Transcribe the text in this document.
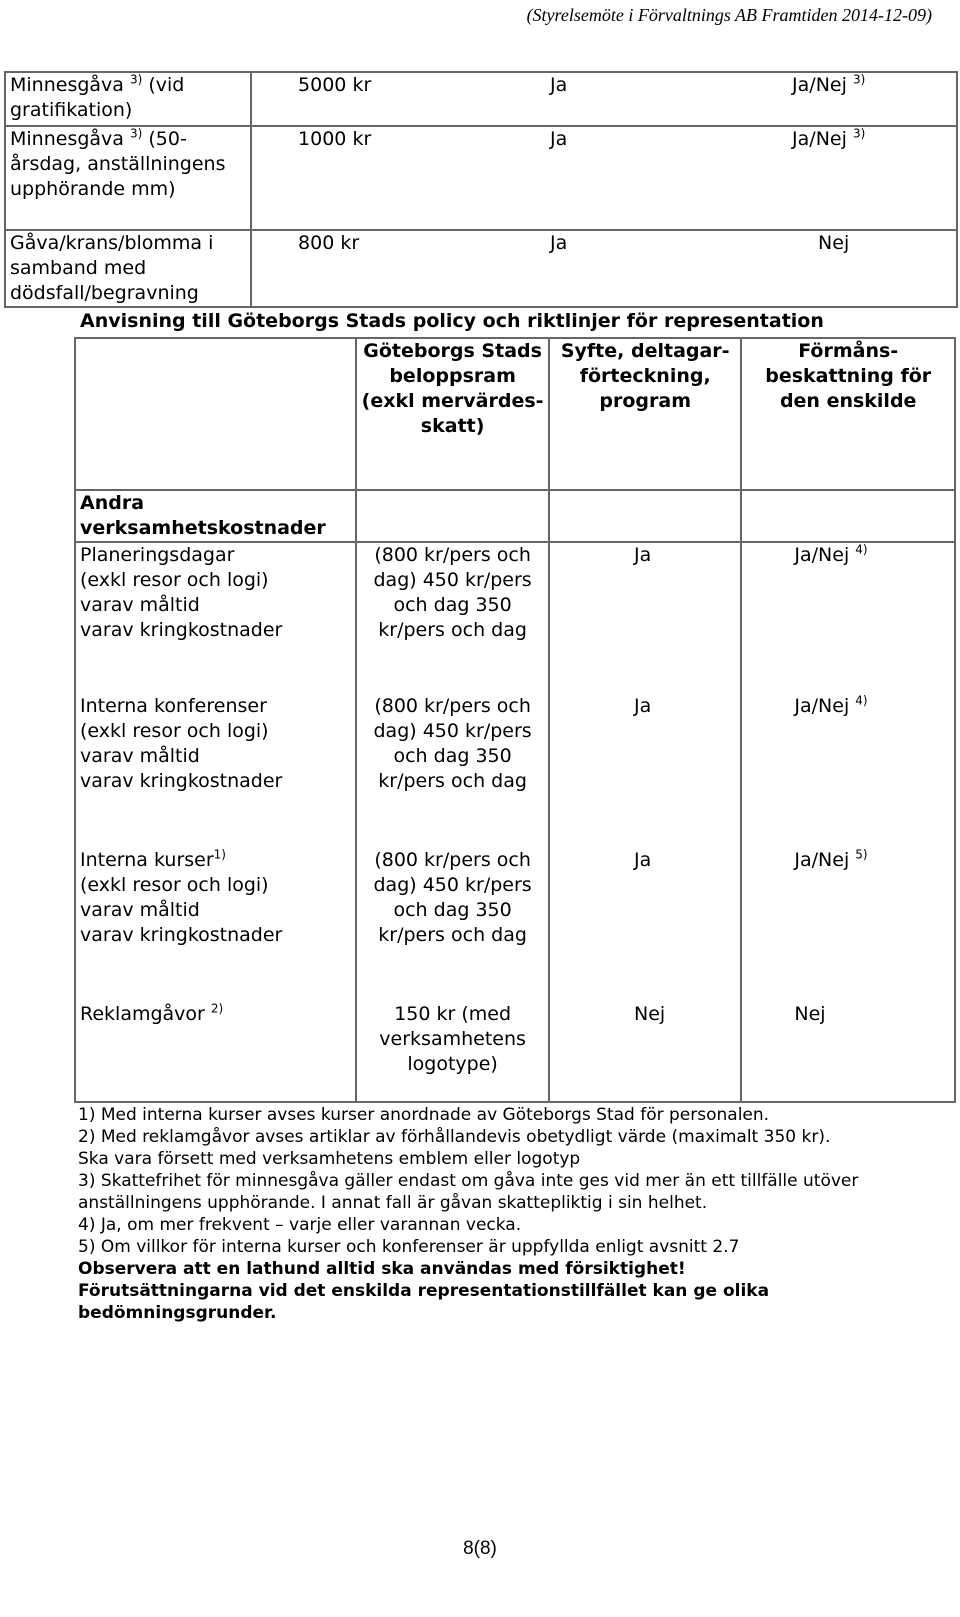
(Styrelsemöte i Förvaltnings AB Framtiden 2014-12-09)
Minnesgåva $^{3)}$ (vid gratifikation)	5000 kr Ja Ja/Nej $^{3)}$
Minnesgåva $^{3)}$ (50-årsdag, anställningens upphörande mm)	1000 kr Ja Ja/Nej $^{3)}$
Gåva/krans/blomma i samband med dödsfall/begravning	800 kr Ja Nej
Anvisning till Göteborgs Stads policy och riktlinjer för representation
	Göteborgs Stads beloppsram (exkl mervärdes-skatt)	Syfte, deltagar-förteckning, program	Förmåns-beskattning för den enskilde
Andra verksamhetskostnader			

Planeringsdagar
(exkl resor och logi)
varav måltid
varav kringkostnader	(800 kr/pers och dag) 450 kr/pers och dag 350 kr/pers och dag	Ja	Ja/Nej $^{4)}$

Interna konferenser
(exkl resor och logi)
varav måltid
varav kringkostnader	(800 kr/pers och dag) 450 kr/pers och dag 350 kr/pers och dag	Ja	Ja/Nej $^{4)}$

Interna kurser$^{1)}$
(exkl resor och logi)
varav måltid
varav kringkostnader	(800 kr/pers och dag) 450 kr/pers och dag 350 kr/pers och dag	Ja	Ja/Nej $^{5)}$

Reklamgåvor $^{2)}$	150 kr (med verksamhetens logotype)	Nej	Nej
1) Med interna kurser avses kurser anordnade av Göteborgs Stad för personalen.
2) Med reklamgåvor avses artiklar av förhållandevis obetydligt värde (maximalt 350 kr).
Ska vara försett med verksamhetens emblem eller logotyp
3) Skattefrihet för minnesgåva gäller endast om gåva inte ges vid mer än ett tillfälle utöver anställningens upphörande. I annat fall är gåvan skattepliktig i sin helhet.
4) Ja, om mer frekvent – varje eller varannan vecka.
5) Om villkor för interna kurser och konferenser är uppfyllda enligt avsnitt 2.7
Observera att en lathund alltid ska användas med försiktighet!
Förutsättningarna vid det enskilda representationstillfället kan ge olika bedömningsgrunder.
8(8)
